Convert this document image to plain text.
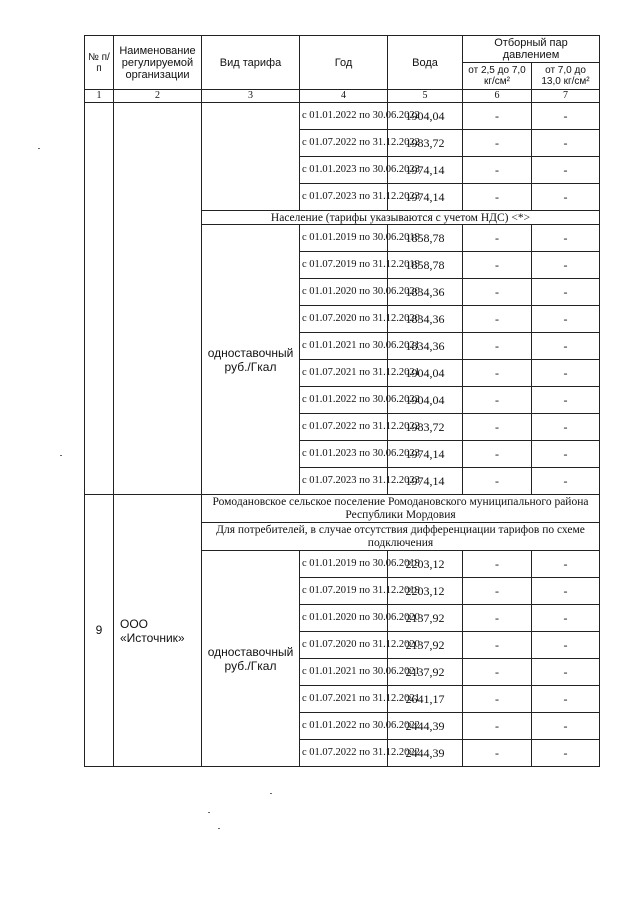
№ п/п	Наименование регулируемой организации	Вид тарифа	Год	Вода	Отборный пар давлением	
					от 2,5 до 7,0 кг/см²	от 7,0 до 13,0 кг/см²
1	2	3	4	5	6	7
			с 01.01.2022 по 30.06.2022	1904,04	-	-
			с 01.07.2022 по 31.12.2022	1983,72	-	-
			с 01.01.2023 по 30.06.2023	1974,14	-	-
			с 01.07.2023 по 31.12.2023	1974,14	-	-
		Население (тарифы указываются с учетом НДС) <*>				
		одноставочный руб./Гкал	с 01.01.2019 по 30.06.2019	1858,78	-	-
			с 01.07.2019 по 31.12.2019	1858,78	-	-
			с 01.01.2020 по 30.06.2020	1834,36	-	-
			с 01.07.2020 по 31.12.2020	1834,36	-	-
			с 01.01.2021 по 30.06.2021	1834,36	-	-
			с 01.07.2021 по 31.12.2021	1904,04	-	-
			с 01.01.2022 по 30.06.2022	1904,04	-	-
			с 01.07.2022 по 31.12.2022	1983,72	-	-
			с 01.01.2023 по 30.06.2023	1974,14	-	-
			с 01.07.2023 по 31.12.2023	1974,14	-	-
9	ООО «Источник»	Ромодановское сельское поселение Ромодановского муниципального района Республики Мордовия				
		Для потребителей, в случае отсутствия дифференциации тарифов по схеме подключения				
		одноставочный руб./Гкал	с 01.01.2019 по 30.06.2019	2203,12	-	-
			с 01.07.2019 по 31.12.2019	2203,12	-	-
			с 01.01.2020 по 30.06.2020	2137,92	-	-
			с 01.07.2020 по 31.12.2020	2137,92	-	-
			с 01.01.2021 по 30.06.2021	2137,92	-	-
			с 01.07.2021 по 31.12.2021	2641,17	-	-
			с 01.01.2022 по 30.06.2022	2444,39	-	-
			с 01.07.2022 по 31.12.2022	2444,39	-	-
